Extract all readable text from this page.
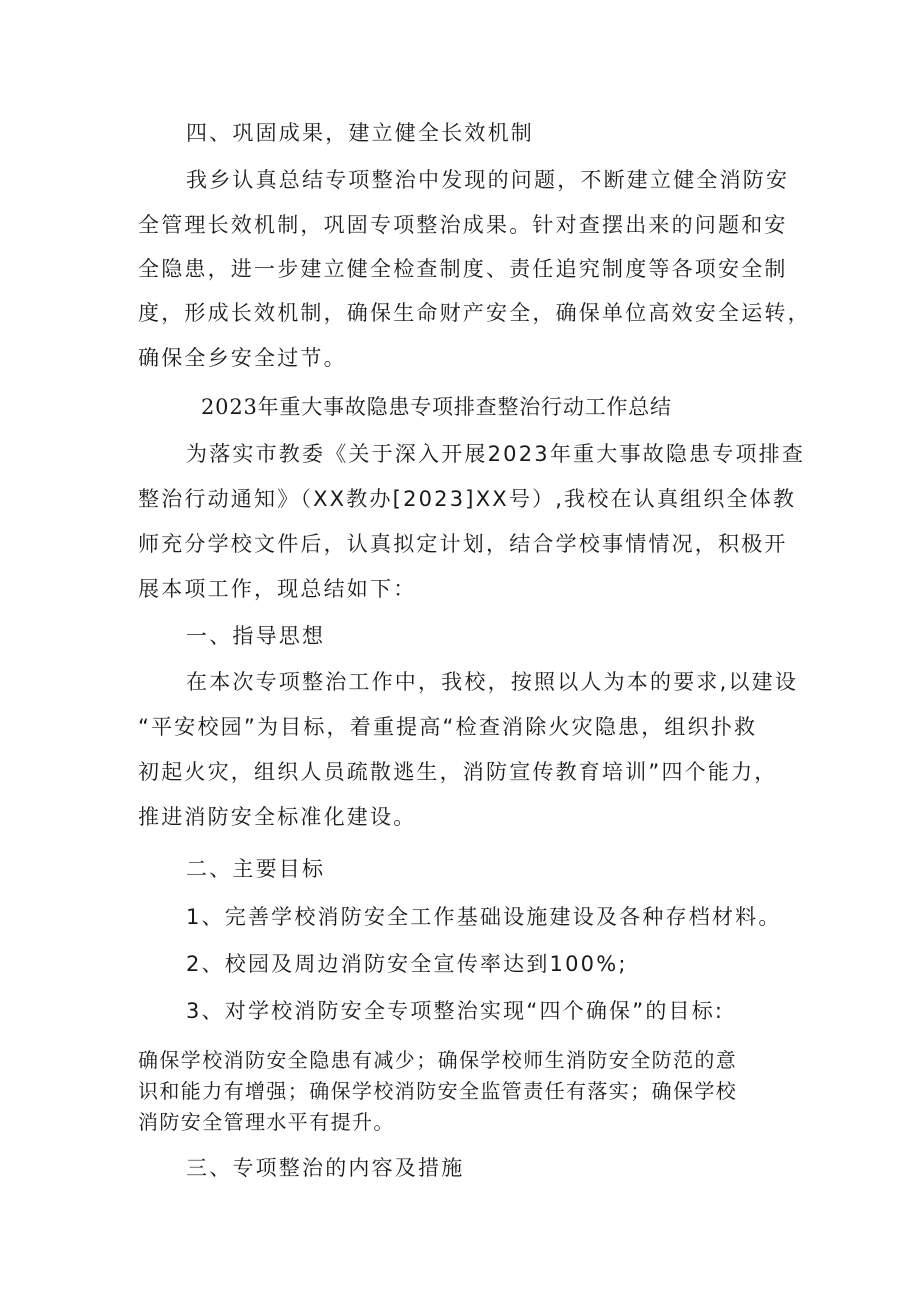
四、巩固成果，建立健全长效机制

我乡认真总结专项整治中发现的问题，不断建立健全消防安

全管理长效机制，巩固专项整治成果。针对查摆出来的问题和安

全隐患，进一步建立健全检查制度、责任追究制度等各项安全制

度，形成长效机制，确保生命财产安全，确保单位高效安全运转，

确保全乡安全过节。

2023年重大事故隐患专项排查整治行动工作总结

为落实市教委《关于深入开展2023年重大事故隐患专项排查

整治行动通知》（XX教办[2023]XX号）,我校在认真组织全体教

师充分学校文件后，认真拟定计划，结合学校事情情况，积极开

展本项工作，现总结如下：

一、指导思想

在本次专项整治工作中，我校，按照以人为本的要求,以建设

“平安校园”为目标，着重提高“检查消除火灾隐患，组织扑救

初起火灾，组织人员疏散逃生，消防宣传教育培训”四个能力，

推进消防安全标准化建设。

二、主要目标

1、完善学校消防安全工作基础设施建设及各种存档材料。

2、校园及周边消防安全宣传率达到100%;

3、对学校消防安全专项整治实现“四个确保”的目标:

确保学校消防安全隐患有减少；确保学校师生消防安全防范的意

识和能力有增强；确保学校消防安全监管责任有落实；确保学校

消防安全管理水平有提升。

三、专项整治的内容及措施
